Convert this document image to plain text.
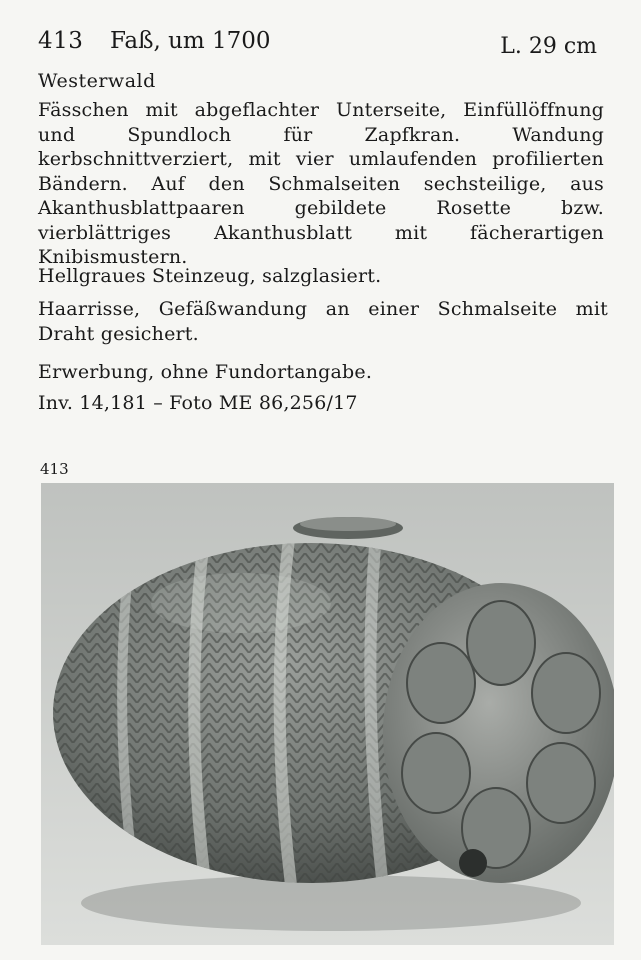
413 Faß, um 1700	L. 29 cm
Westerwald

Fässchen mit abgeflachter Unterseite, Einfüllöffnung und Spundloch für Zapfkran. Wandung kerbschnittverziert, mit vier umlaufenden profilierten Bändern. Auf den Schmalseiten sechsteilige, aus Akanthusblattpaaren gebildete Rosette bzw. vierblättriges Akanthusblatt mit fächerartigen Knibismustern.

Hellgraues Steinzeug, salzglasiert.

Haarrisse, Gefäßwandung an einer Schmalseite mit Draht gesichert.

Erwerbung, ohne Fundortangabe.

Inv. 14,181 – Foto ME 86,256/17

413
